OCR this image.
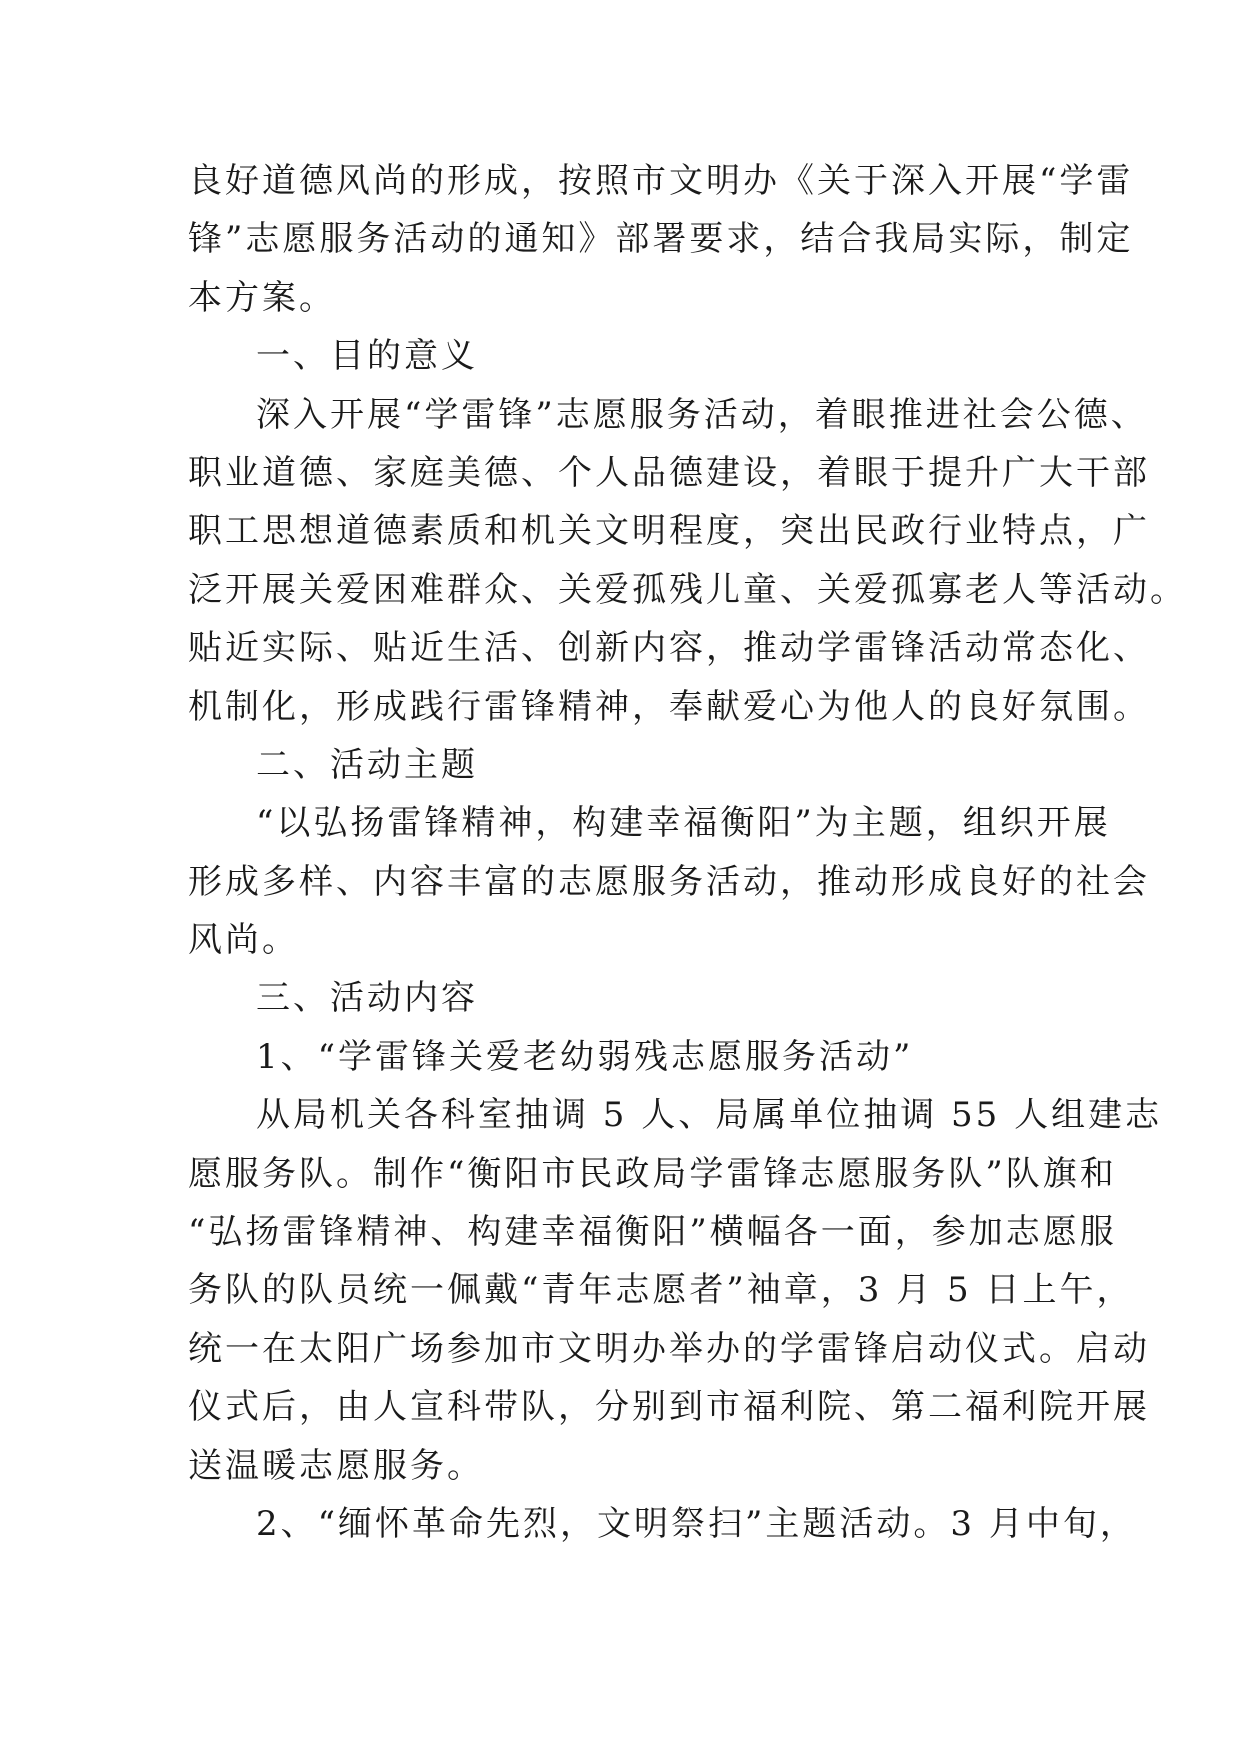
良好道德风尚的形成，按照市文明办《关于深入开展“学雷
锋”志愿服务活动的通知》部署要求，结合我局实际，制定
本方案。
一、目的意义
深入开展“学雷锋”志愿服务活动，着眼推进社会公德、
职业道德、家庭美德、个人品德建设，着眼于提升广大干部
职工思想道德素质和机关文明程度，突出民政行业特点，广
泛开展关爱困难群众、关爱孤残儿童、关爱孤寡老人等活动。
贴近实际、贴近生活、创新内容，推动学雷锋活动常态化、
机制化，形成践行雷锋精神，奉献爱心为他人的良好氛围。
二、活动主题
“以弘扬雷锋精神，构建幸福衡阳”为主题，组织开展
形成多样、内容丰富的志愿服务活动，推动形成良好的社会
风尚。
三、活动内容
1、“学雷锋关爱老幼弱残志愿服务活动”
从局机关各科室抽调 5 人、局属单位抽调 55 人组建志
愿服务队。制作“衡阳市民政局学雷锋志愿服务队”队旗和
“弘扬雷锋精神、构建幸福衡阳”横幅各一面，参加志愿服
务队的队员统一佩戴“青年志愿者”袖章，3 月 5 日上午，
统一在太阳广场参加市文明办举办的学雷锋启动仪式。启动
仪式后，由人宣科带队，分别到市福利院、第二福利院开展
送温暖志愿服务。
2、“缅怀革命先烈，文明祭扫”主题活动。3 月中旬，
